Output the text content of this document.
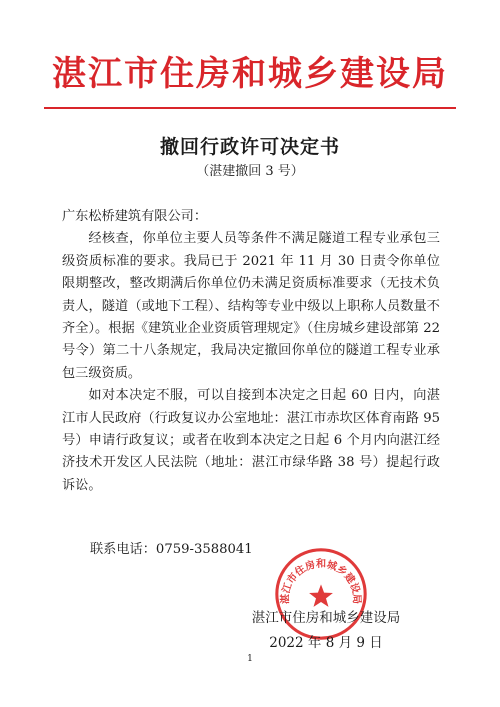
湛江市住房和城乡建设局
撤回行政许可决定书
（湛建撤回 3 号）

广东松桥建筑有限公司：

经核查，你单位主要人员等条件不满足隧道工程专业承包三级资质标准的要求。我局已于 2021 年 11 月 30 日责令你单位限期整改，整改期满后你单位仍未满足资质标准要求（无技术负责人，隧道（或地下工程）、结构等专业中级以上职称人员数量不齐全）。根据《建筑业企业资质管理规定》（住房城乡建设部第 22 号令）第二十八条规定，我局决定撤回你单位的隧道工程专业承包三级资质。

如对本决定不服，可以自接到本决定之日起 60 日内，向湛江市人民政府（行政复议办公室地址：湛江市赤坎区体育南路 95 号）申请行政复议；或者在收到本决定之日起 6 个月内向湛江经济技术开发区人民法院（地址：湛江市绿华路 38 号）提起行政诉讼。

联系电话：0759-3588041
湛江市住房和城乡建设局
湛江市住房和城乡建设局
2022 年 8 月 9 日
1
